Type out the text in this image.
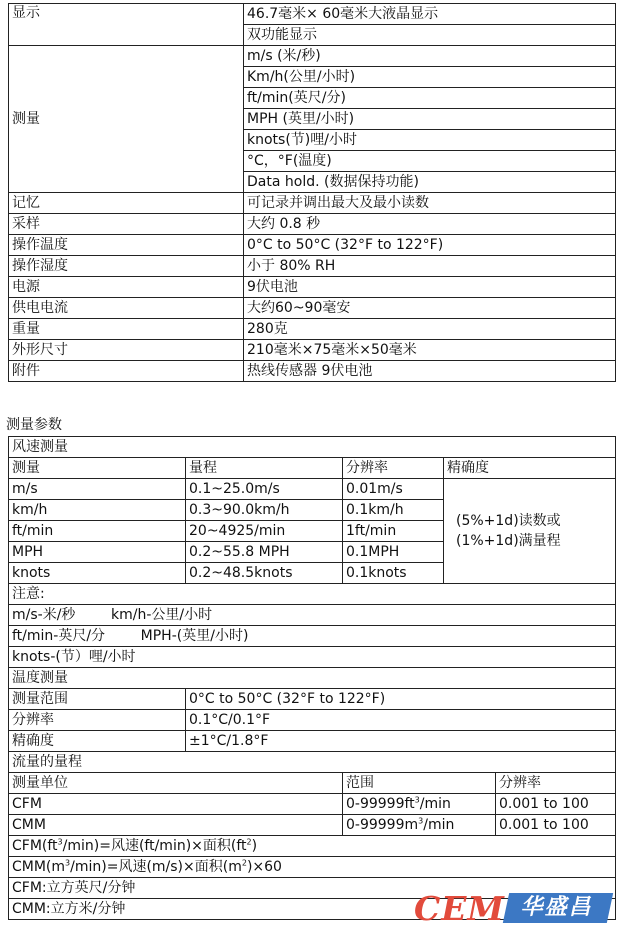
显示	46.7毫米× 60毫米大液晶显示
	双功能显示
测量	m/s (米/秒)
	Km/h(公里/小时)
	ft/min(英尺/分)
	MPH (英里/小时)
	knots(节)哩/小时
	°C，°F(温度)
	Data hold. (数据保持功能)
记忆	可记录并调出最大及最小读数
采样	大约 0.8 秒
操作温度	0°C to 50°C (32°F to 122°F)
操作湿度	小于 80% RH
电源	9伏电池
供电电流	大约60~90毫安
重量	280克
外形尺寸	210毫米×75毫米×50毫米
附件	热线传感器 9伏电池
测量参数
风速测量				
测量	量程	分辨率	精确度	
m/s	0.1~25.0m/s	0.01m/s	(5%+1d)读数或
(1%+1d)满量程	

km/h	0.3~90.0km/h	0.1km/h		
ft/min	20~4925/min	1ft/min		
MPH	0.2~55.8 MPH	0.1MPH		
knots	0.2~48.5knots	0.1knots		
注意:				
m/s-米/秒        km/h-公里/小时				
ft/min-英尺/分        MPH-(英里/小时)				
knots-(节）哩/小时				
温度测量				
测量范围	0°C to 50°C (32°F to 122°F)			
分辨率	0.1°C/0.1°F			
精确度	±1°C/1.8°F			
流量的量程				
测量单位		范围		分辨率
CFM		$0-99999ft^3/\min$		0.001 to 100
CMM		$0-99999m^3/\min$		0.001 to 100
$CFM(ft^3/\min)=$风速(ft/min)×面积$(ft^2)$				
$CMM(m^3/\min)=$风速(m/s)×面积$(m^2)\times 60$				
CFM:立方英尺/分钟				
CMM:立方米/分钟					CEM 华盛昌
